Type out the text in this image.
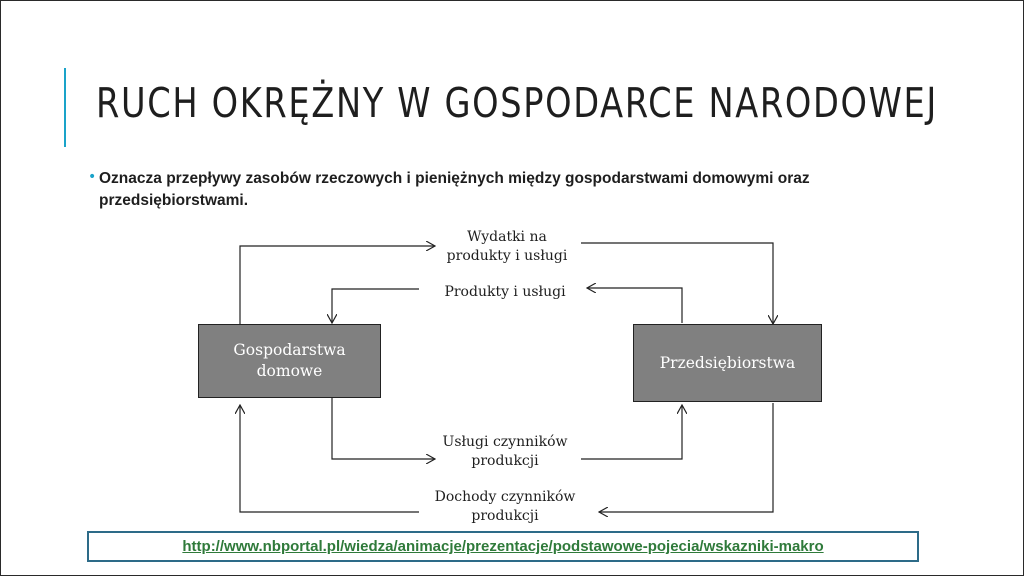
RUCH OKRĘŻNY W GOSPODARCE NARODOWEJ
• Oznacza przepływy zasobów rzeczowych i pieniężnych między gospodarstwami domowymi oraz przedsiębiorstwami.
Gospodarstwa
domowe	Przedsiębiorstwa
Wydatki na
produkty i usługi
Produkty i usługi
Usługi czynników
produkcji
Dochody czynników
produkcji
http://www.nbportal.pl/wiedza/animacje/prezentacje/podstawowe-pojecia/wskazniki-makro
